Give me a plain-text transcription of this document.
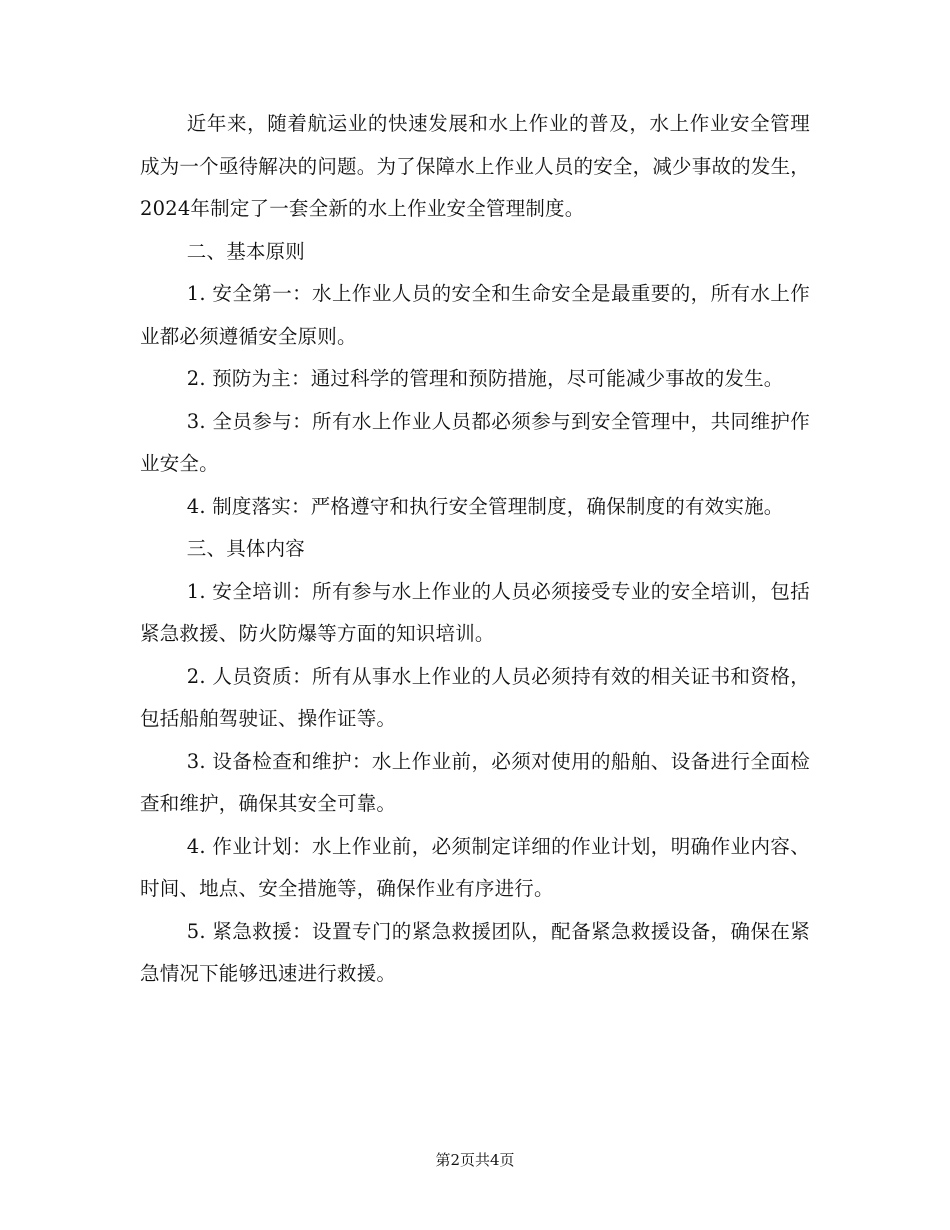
近年来，随着航运业的快速发展和水上作业的普及，水上作业安全管理成为一个亟待解决的问题。为了保障水上作业人员的安全，减少事故的发生，2024年制定了一套全新的水上作业安全管理制度。

二、基本原则

1. 安全第一：水上作业人员的安全和生命安全是最重要的，所有水上作业都必须遵循安全原则。

2. 预防为主：通过科学的管理和预防措施，尽可能减少事故的发生。

3. 全员参与：所有水上作业人员都必须参与到安全管理中，共同维护作业安全。

4. 制度落实：严格遵守和执行安全管理制度，确保制度的有效实施。

三、具体内容

1. 安全培训：所有参与水上作业的人员必须接受专业的安全培训，包括紧急救援、防火防爆等方面的知识培训。

2. 人员资质：所有从事水上作业的人员必须持有效的相关证书和资格，包括船舶驾驶证、操作证等。

3. 设备检查和维护：水上作业前，必须对使用的船舶、设备进行全面检查和维护，确保其安全可靠。

4. 作业计划：水上作业前，必须制定详细的作业计划，明确作业内容、时间、地点、安全措施等，确保作业有序进行。

5. 紧急救援：设置专门的紧急救援团队，配备紧急救援设备，确保在紧急情况下能够迅速进行救援。

第2页共4页
